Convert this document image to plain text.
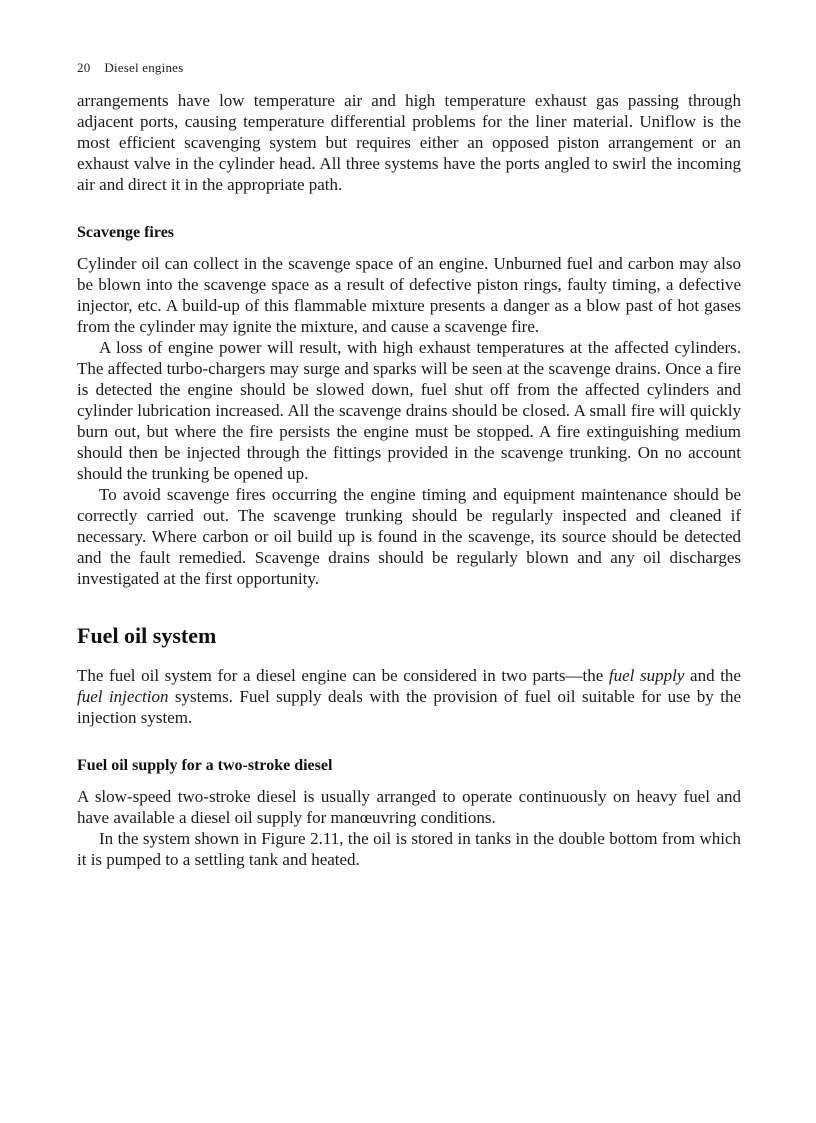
20 Diesel engines

arrangements have low temperature air and high temperature exhaust gas passing through adjacent ports, causing temperature differential problems for the liner material. Uniflow is the most efficient scavenging system but requires either an opposed piston arrangement or an exhaust valve in the cylinder head. All three systems have the ports angled to swirl the incoming air and direct it in the appropriate path.

Scavenge fires

Cylinder oil can collect in the scavenge space of an engine. Unburned fuel and carbon may also be blown into the scavenge space as a result of defective piston rings, faulty timing, a defective injector, etc. A build-up of this flammable mixture presents a danger as a blow past of hot gases from the cylinder may ignite the mixture, and cause a scavenge fire.

A loss of engine power will result, with high exhaust temperatures at the affected cylinders. The affected turbo-chargers may surge and sparks will be seen at the scavenge drains. Once a fire is detected the engine should be slowed down, fuel shut off from the affected cylinders and cylinder lubrication increased. All the scavenge drains should be closed. A small fire will quickly burn out, but where the fire persists the engine must be stopped. A fire extinguishing medium should then be injected through the fittings provided in the scavenge trunking. On no account should the trunking be opened up.

To avoid scavenge fires occurring the engine timing and equipment maintenance should be correctly carried out. The scavenge trunking should be regularly inspected and cleaned if necessary. Where carbon or oil build up is found in the scavenge, its source should be detected and the fault remedied. Scavenge drains should be regularly blown and any oil discharges investigated at the first opportunity.

Fuel oil system

The fuel oil system for a diesel engine can be considered in two parts—the fuel supply and the fuel injection systems. Fuel supply deals with the provision of fuel oil suitable for use by the injection system.

Fuel oil supply for a two-stroke diesel

A slow-speed two-stroke diesel is usually arranged to operate continuously on heavy fuel and have available a diesel oil supply for manœuvring conditions.

In the system shown in Figure 2.11, the oil is stored in tanks in the double bottom from which it is pumped to a settling tank and heated.
